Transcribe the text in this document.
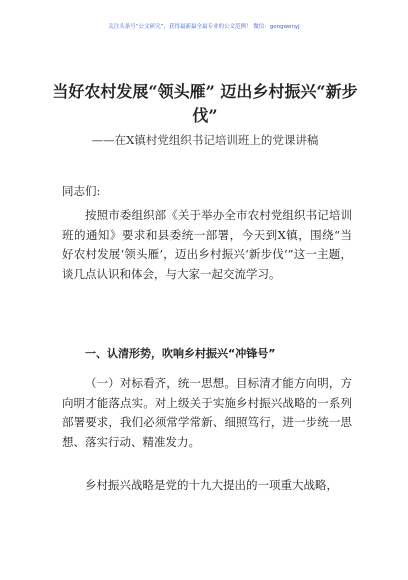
关注头条号“公文研究”，获得最新最全最专业的公文范例！ 微信：gongwenyj
当好农村发展“领头雁” 迈出乡村振兴“新步伐”

——在X镇村党组织书记培训班上的党课讲稿

同志们:

按照市委组织部《关于举办全市农村党组织书记培训班的通知》要求和县委统一部署，今天到X镇，围绕“当好农村发展‘领头雁’，迈出乡村振兴‘新步伐’”这一主题，谈几点认识和体会，与大家一起交流学习。

一、认清形势，吹响乡村振兴“冲锋号”

（一）对标看齐，统一思想。目标清才能方向明，方向明才能落点实。对上级关于实施乡村振兴战略的一系列部署要求，我们必须常学常新、细照笃行，进一步统一思想、落实行动、精准发力。

乡村振兴战略是党的十九大提出的一项重大战略，
